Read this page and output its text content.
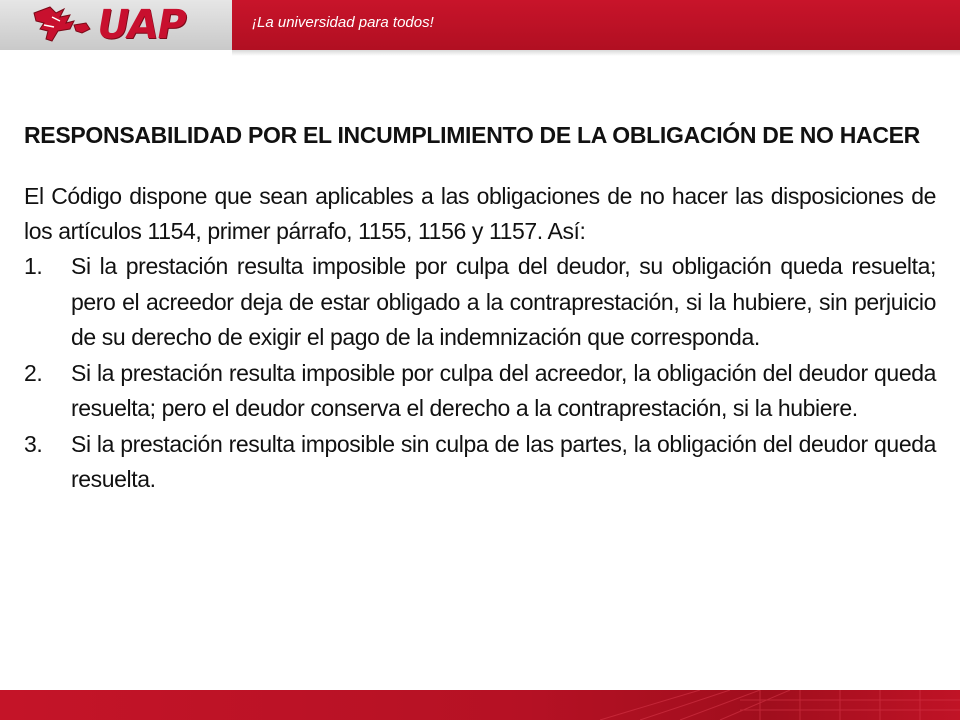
UAP	¡La universidad para todos!
RESPONSABILIDAD POR EL INCUMPLIMIENTO DE LA OBLIGACIÓN DE NO HACER

El Código dispone que sean aplicables a las obligaciones de no hacer las disposiciones de los artículos 1154, primer párrafo, 1155, 1156 y 1157. Así:

1. Si la prestación resulta imposible por culpa del deudor, su obligación queda resuelta; pero el acreedor deja de estar obligado a la contraprestación, si la hubiere, sin perjuicio de su derecho de exigir el pago de la indemnización que corresponda.
2. Si la prestación resulta imposible por culpa del acreedor, la obligación del deudor queda resuelta; pero el deudor conserva el derecho a la contraprestación, si la hubiere.
3. Si la prestación resulta imposible sin culpa de las partes, la obligación del deudor queda resuelta.
